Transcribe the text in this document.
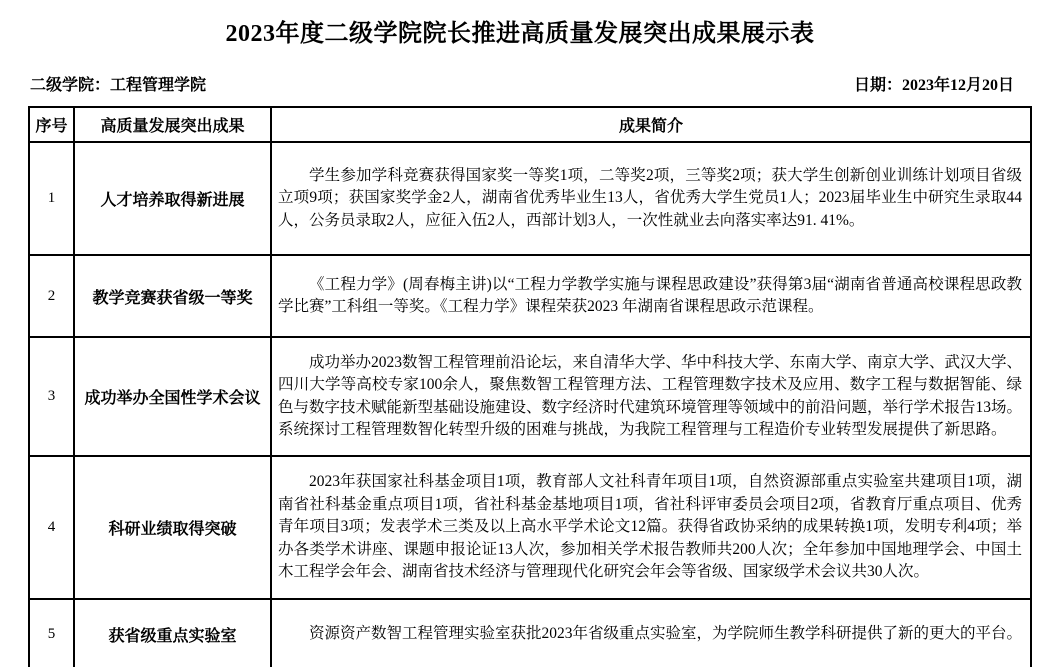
2023年度二级学院院长推进高质量发展突出成果展示表
二级学院：工程管理学院	日期：2023年12月20日
序号	高质量发展突出成果	成果简介
1	人才培养取得新进展	学生参加学科竞赛获得国家奖一等奖1项，二等奖2项，三等奖2项；获大学生创新创业训练计划项目省级立项9项；获国家奖学金2人，湖南省优秀毕业生13人，省优秀大学生党员1人；2023届毕业生中研究生录取44人，公务员录取2人，应征入伍2人，西部计划3人，一次性就业去向落实率达91. 41%。

2	教学竞赛获省级一等奖	《工程力学》(周春梅主讲)以“工程力学教学实施与课程思政建设”获得第3届“湖南省普通高校课程思政教学比赛”工科组一等奖。《工程力学》课程荣获2023 年湖南省课程思政示范课程。

3	成功举办全国性学术会议	成功举办2023数智工程管理前沿论坛，来自清华大学、华中科技大学、东南大学、南京大学、武汉大学、四川大学等高校专家100余人，聚焦数智工程管理方法、工程管理数字技术及应用、数字工程与数据智能、绿色与数字技术赋能新型基础设施建设、数字经济时代建筑环境管理等领域中的前沿问题，举行学术报告13场。系统探讨工程管理数智化转型升级的困难与挑战，为我院工程管理与工程造价专业转型发展提供了新思路。

4	科研业绩取得突破	2023年获国家社科基金项目1项，教育部人文社科青年项目1项，自然资源部重点实验室共建项目1项，湖南省社科基金重点项目1项，省社科基金基地项目1项，省社科评审委员会项目2项，省教育厅重点项目、优秀青年项目3项；发表学术三类及以上高水平学术论文12篇。获得省政协采纳的成果转换1项，发明专利4项；举办各类学术讲座、课题申报论证13人次，参加相关学术报告教师共200人次；全年参加中国地理学会、中国土木工程学会年会、湖南省技术经济与管理现代化研究会年会等省级、国家级学术会议共30人次。

5	获省级重点实验室	资源资产数智工程管理实验室获批2023年省级重点实验室，为学院师生教学科研提供了新的更大的平台。
